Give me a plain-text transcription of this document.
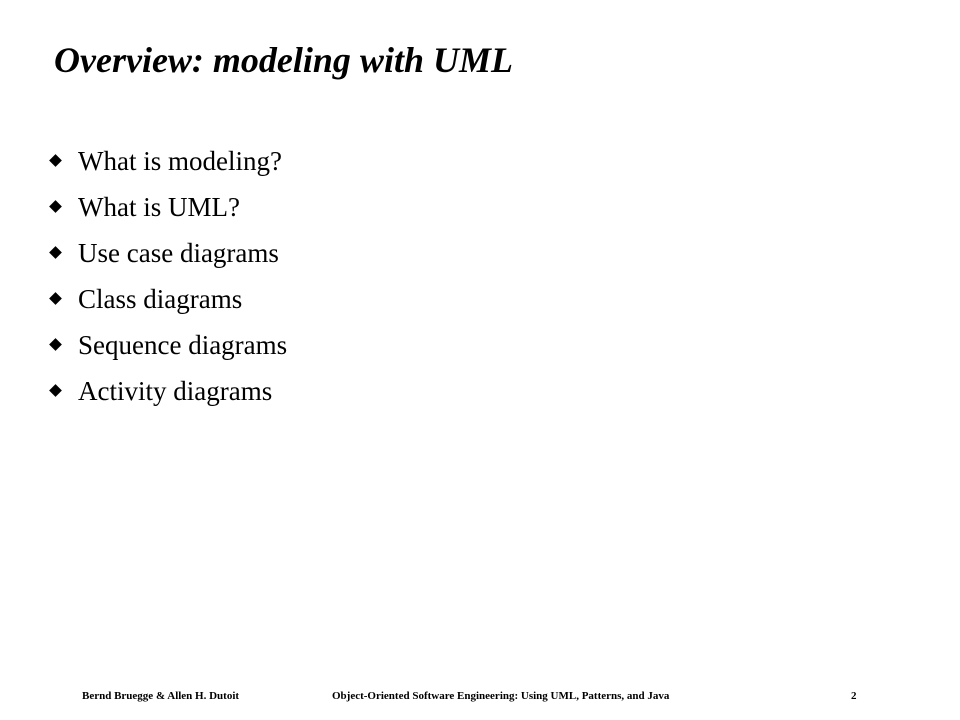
Overview: modeling with UML
What is modeling?
What is UML?
Use case diagrams
Class diagrams
Sequence diagrams
Activity diagrams
Bernd Bruegge & Allen H. Dutoit	Object-Oriented Software Engineering: Using UML, Patterns, and Java	2
